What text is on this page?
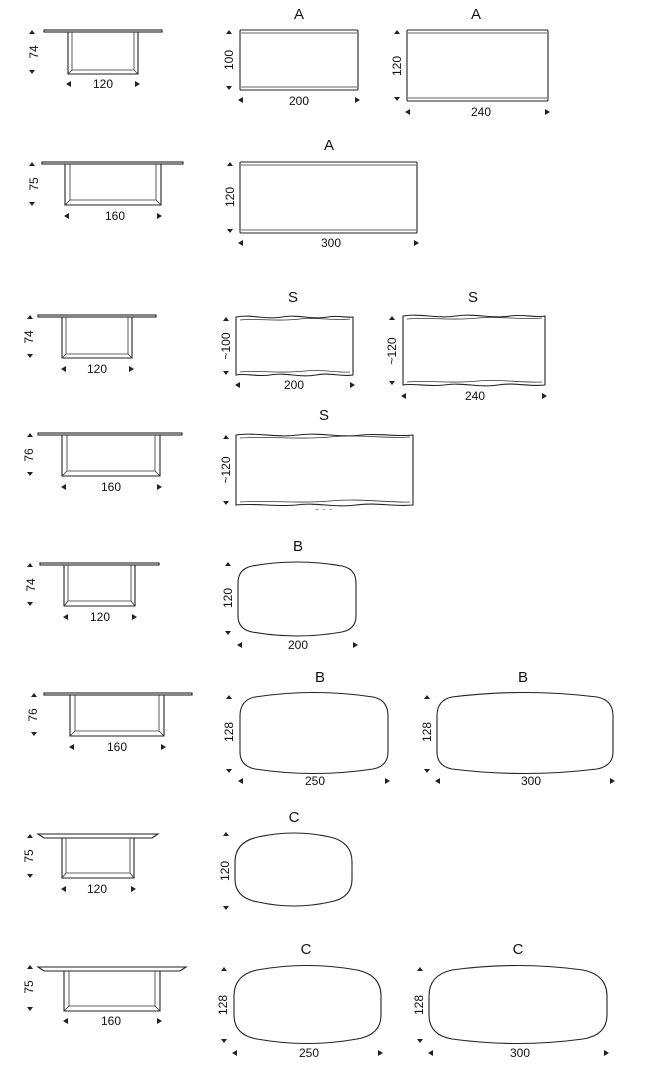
74
120
A
100
200
A
120
240
75
160
A
120
300
74
120
S
~100
200
S
~120
240
76
160
S
~120
74
120
B
120
200
76
160
B
128
250
B
128
300
75
120
C
120
75
160
C
128
250
C
128
300
